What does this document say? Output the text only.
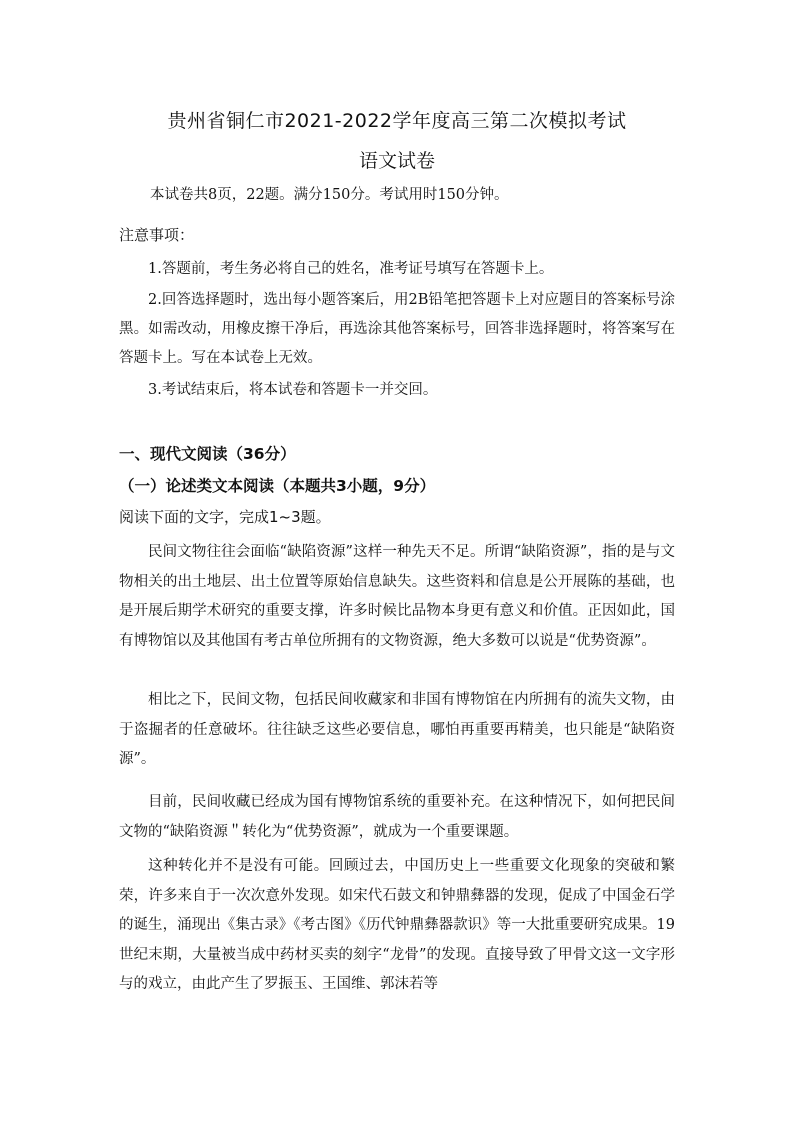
贵州省铜仁市2021-2022学年度高三第二次模拟考试
语文试卷
本试卷共8页，22题。满分150分。考试用时150分钟。
注意事项：

1.答题前，考生务必将自己的姓名，准考证号填写在答题卡上。

2.回答选择题时，选出每小题答案后，用2B铅笔把答题卡上对应题目的答案标号涂黑。如需改动，用橡皮擦干净后，再选涂其他答案标号，回答非选择题时，将答案写在答题卡上。写在本试卷上无效。

3.考试结束后，将本试卷和答题卡一并交回。

一、现代文阅读（36分）
（一）论述类文本阅读（本题共3小题，9分）
阅读下面的文字，完成1~3题。

民间文物往往会面临“缺陷资源”这样一种先天不足。所谓“缺陷资源”，指的是与文物相关的出土地层、出土位置等原始信息缺失。这些资料和信息是公开展陈的基础，也是开展后期学术研究的重要支撑，许多时候比品物本身更有意义和价值。正因如此，国有博物馆以及其他国有考古单位所拥有的文物资源，绝大多数可以说是“优势资源”。

相比之下，民间文物，包括民间收藏家和非国有博物馆在内所拥有的流失文物，由于盗掘者的任意破坏。往往缺乏这些必要信息，哪怕再重要再精美，也只能是“缺陷资源”。

目前，民间收藏已经成为国有博物馆系统的重要补充。在这种情况下，如何把民间文物的“缺陷资源＂转化为“优势资源”，就成为一个重要课题。

这种转化并不是没有可能。回顾过去，中国历史上一些重要文化现象的突破和繁荣，许多来自于一次次意外发现。如宋代石鼓文和钟鼎彝器的发现，促成了中国金石学的诞生，涌现出《集古录》《考古图》《历代钟鼎彝器款识》等一大批重要研究成果。19世纪末期，大量被当成中药材买卖的刻字“龙骨”的发现。直接导致了甲骨文这一文字形与的戏立，由此产生了罗振玉、王国维、郭沫若等
